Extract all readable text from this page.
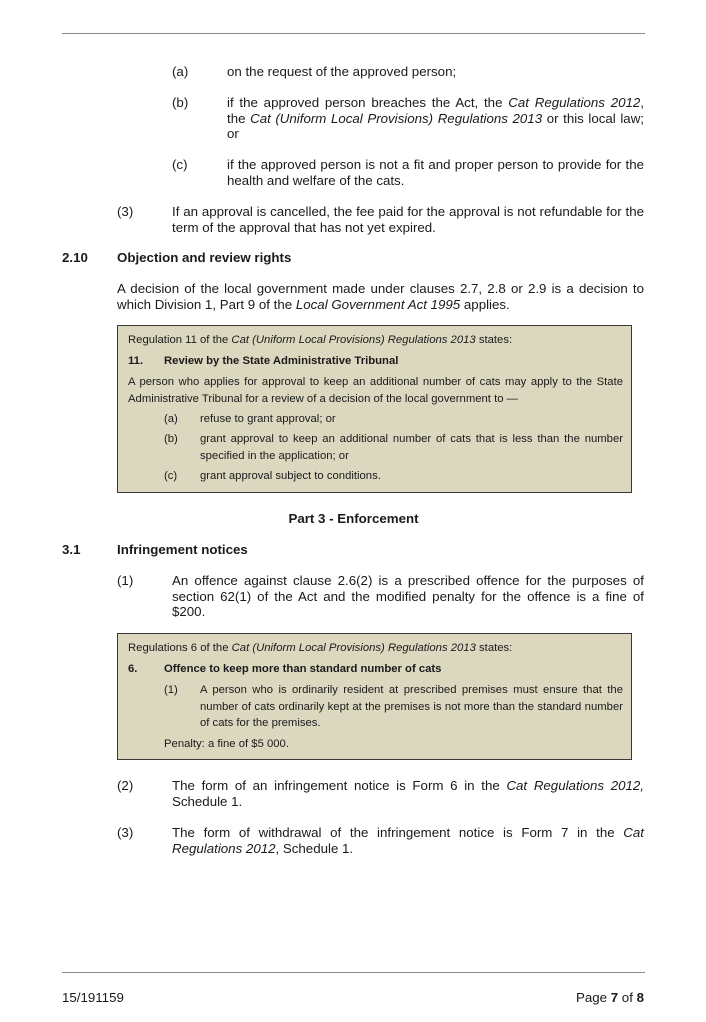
(a)	on the request of the approved person;
(b)	if the approved person breaches the Act, the Cat Regulations 2012, the Cat (Uniform Local Provisions) Regulations 2013 or this local law; or
(c)	if the approved person is not a fit and proper person to provide for the health and welfare of the cats.
(3)	If an approval is cancelled, the fee paid for the approval is not refundable for the term of the approval that has not yet expired.
2.10 Objection and review rights
A decision of the local government made under clauses 2.7, 2.8 or 2.9 is a decision to which Division 1, Part 9 of the Local Government Act 1995 applies.
Regulation 11 of the Cat (Uniform Local Provisions) Regulations 2013 states:
11. Review by the State Administrative Tribunal
A person who applies for approval to keep an additional number of cats may apply to the State Administrative Tribunal for a review of a decision of the local government to —
(a) refuse to grant approval; or
(b) grant approval to keep an additional number of cats that is less than the number specified in the application; or
(c) grant approval subject to conditions.
Part 3 - Enforcement
3.1	Infringement notices
(1)	An offence against clause 2.6(2) is a prescribed offence for the purposes of section 62(1) of the Act and the modified penalty for the offence is a fine of $200.
Regulations 6 of the Cat (Uniform Local Provisions) Regulations 2013 states:
6. Offence to keep more than standard number of cats
(1) A person who is ordinarily resident at prescribed premises must ensure that the number of cats ordinarily kept at the premises is not more than the standard number of cats for the premises.
Penalty: a fine of $5 000.
(2)	The form of an infringement notice is Form 6 in the Cat Regulations 2012, Schedule 1.
(3)	The form of withdrawal of the infringement notice is Form 7 in the Cat Regulations 2012, Schedule 1.
15/191159	Page 7 of 8
